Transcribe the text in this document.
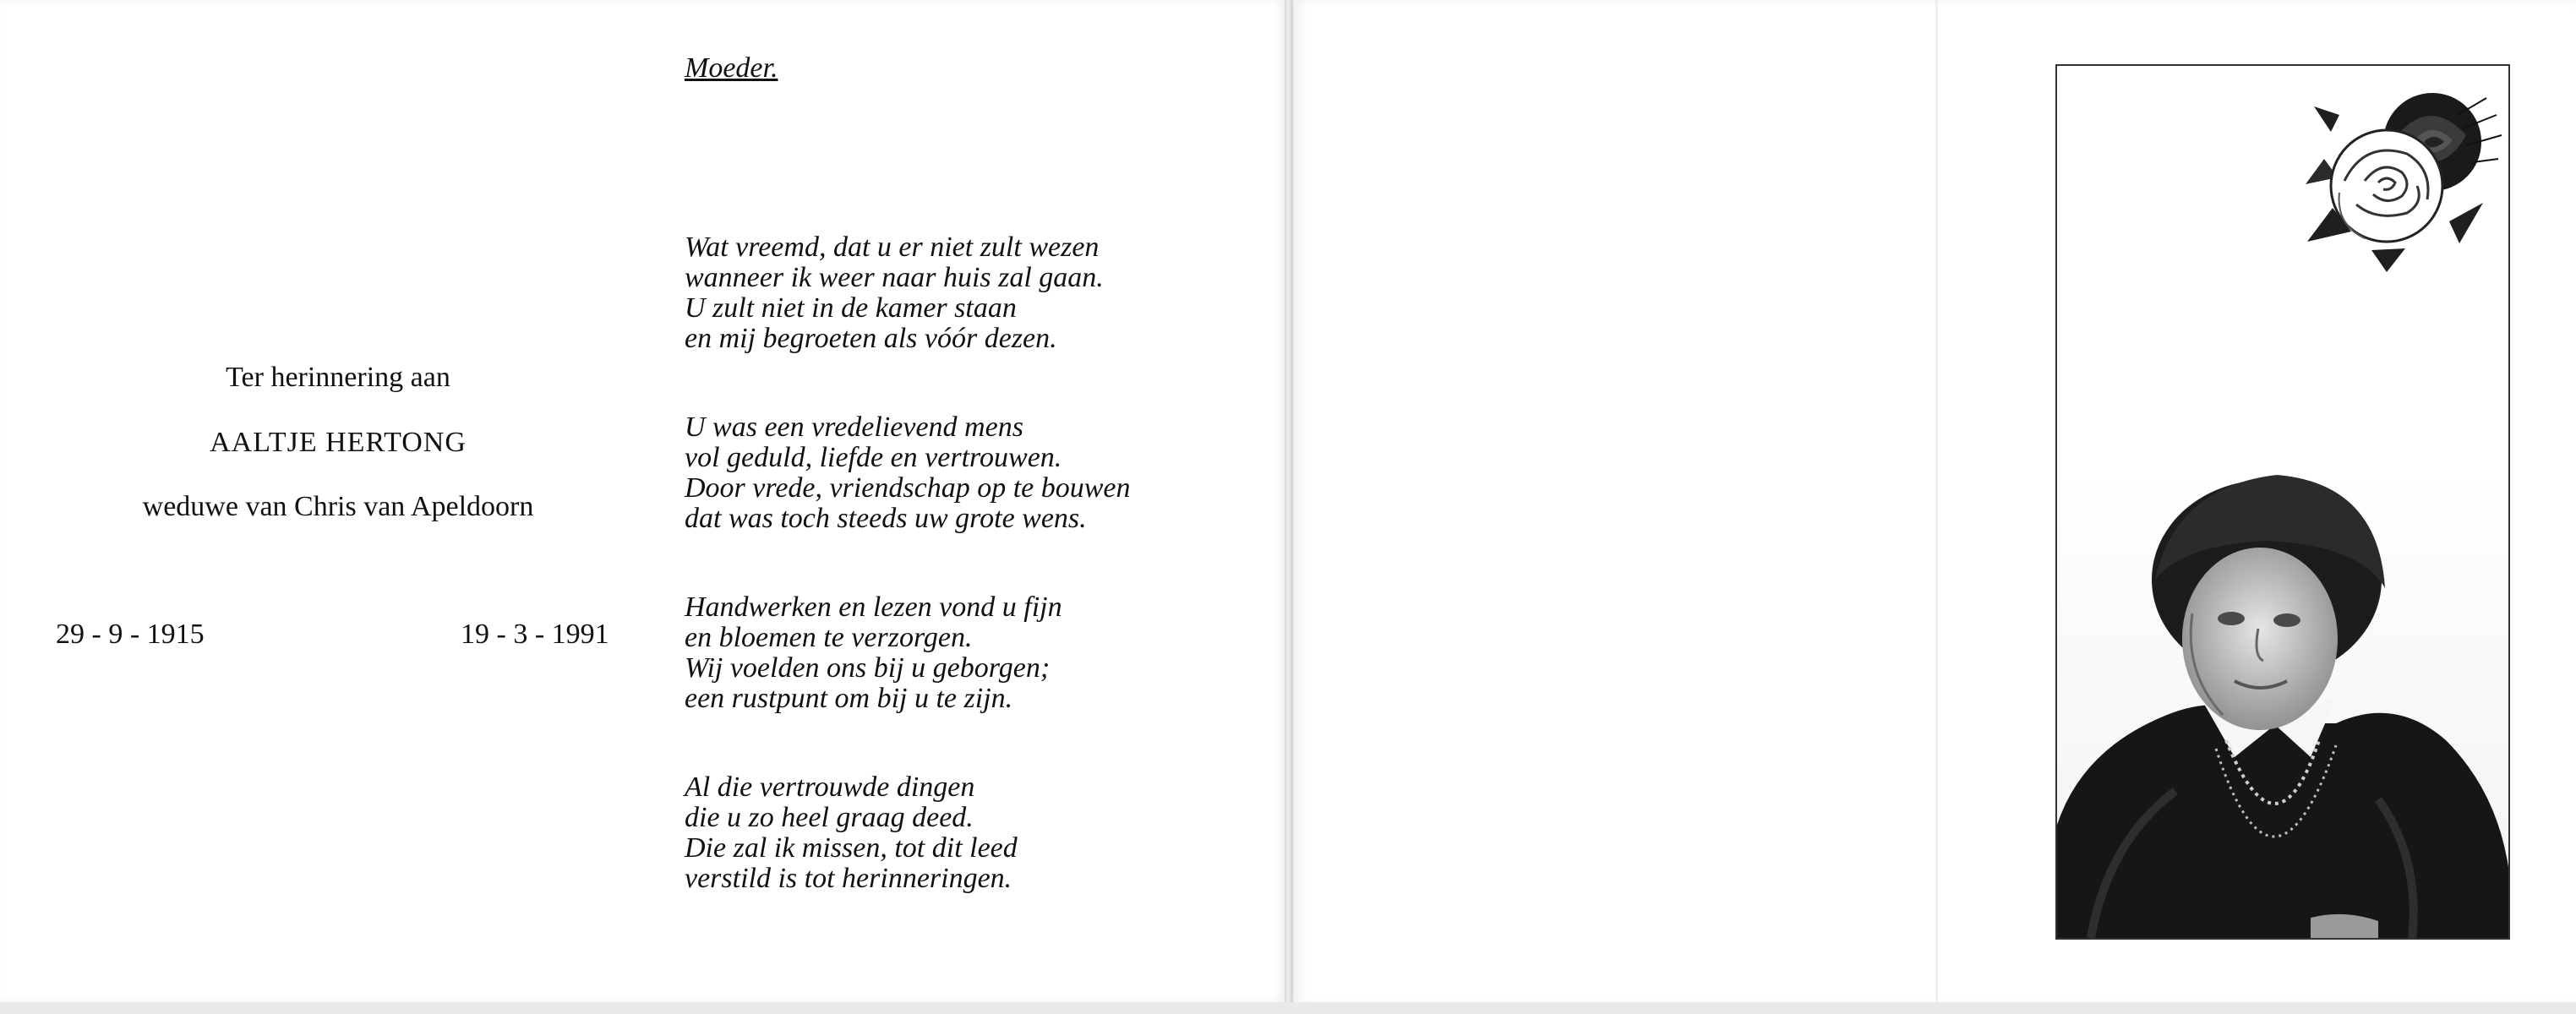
Ter herinnering aan
AALTJE HERTONG
weduwe van Chris van Apeldoorn
29 - 9 - 1915	19 - 3 - 1991
Moeder.
Wat vreemd, dat u er niet zult wezen
wanneer ik weer naar huis zal gaan.
U zult niet in de kamer staan
en mij begroeten als vóór dezen.
U was een vredelievend mens
vol geduld, liefde en vertrouwen.
Door vrede, vriendschap op te bouwen
dat was toch steeds uw grote wens.
Handwerken en lezen vond u fijn
en bloemen te verzorgen.
Wij voelden ons bij u geborgen;
een rustpunt om bij u te zijn.
Al die vertrouwde dingen
die u zo heel graag deed.
Die zal ik missen, tot dit leed
verstild is tot herinneringen.
